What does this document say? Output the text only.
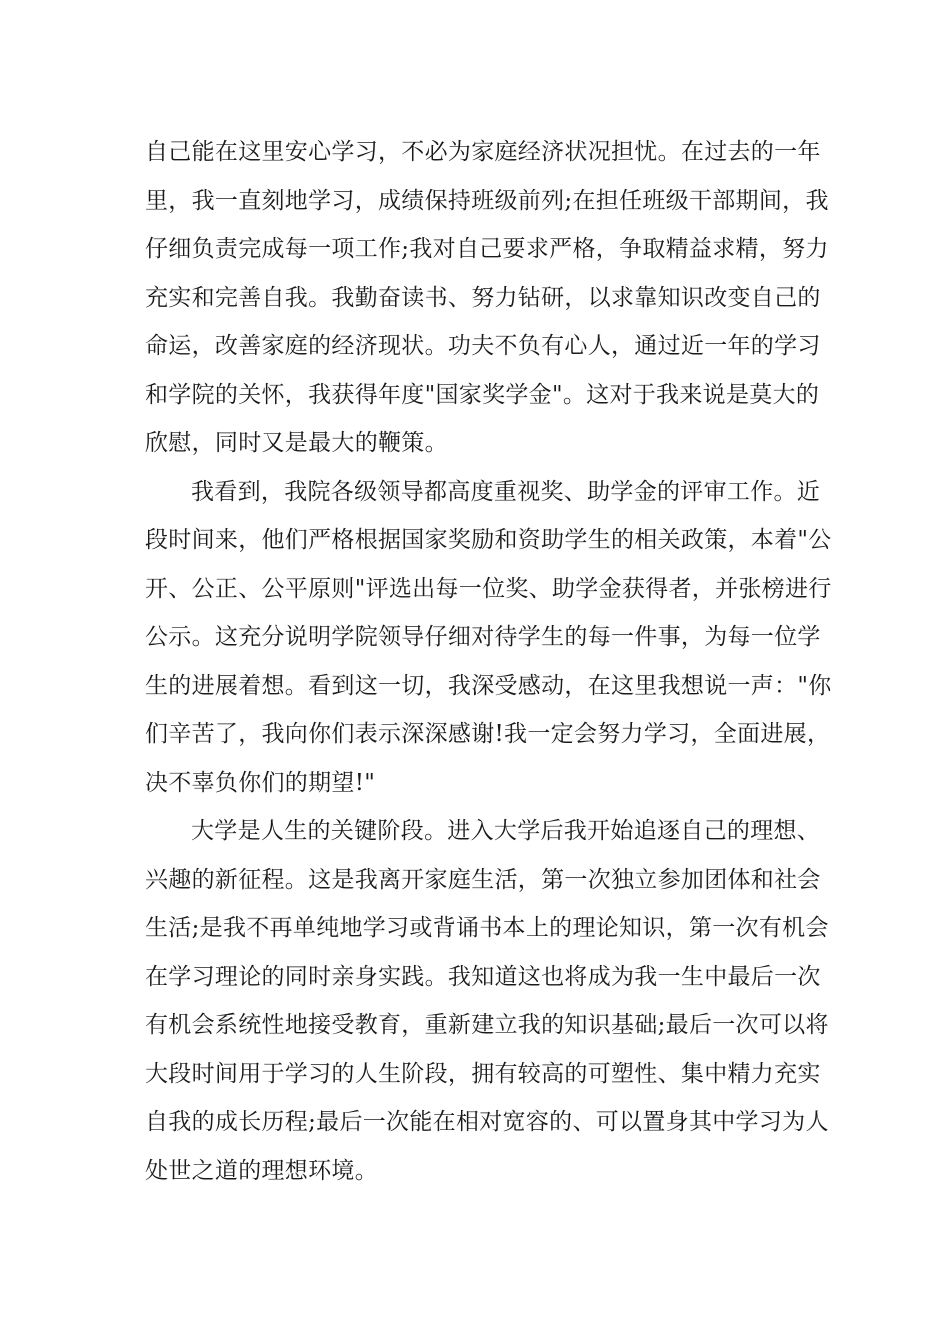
自己能在这里安心学习，不必为家庭经济状况担忧。在过去的一年
里，我一直刻地学习，成绩保持班级前列;在担任班级干部期间，我
仔细负责完成每一项工作;我对自己要求严格，争取精益求精，努力
充实和完善自我。我勤奋读书、努力钻研，以求靠知识改变自己的
命运，改善家庭的经济现状。功夫不负有心人，通过近一年的学习
和学院的关怀，我获得年度"国家奖学金"。这对于我来说是莫大的
欣慰，同时又是最大的鞭策。
我看到，我院各级领导都高度重视奖、助学金的评审工作。近
段时间来，他们严格根据国家奖励和资助学生的相关政策，本着"公
开、公正、公平原则"评选出每一位奖、助学金获得者，并张榜进行
公示。这充分说明学院领导仔细对待学生的每一件事，为每一位学
生的进展着想。看到这一切，我深受感动，在这里我想说一声："你
们辛苦了，我向你们表示深深感谢!我一定会努力学习，全面进展，
决不辜负你们的期望!"
大学是人生的关键阶段。进入大学后我开始追逐自己的理想、
兴趣的新征程。这是我离开家庭生活，第一次独立参加团体和社会
生活;是我不再单纯地学习或背诵书本上的理论知识，第一次有机会
在学习理论的同时亲身实践。我知道这也将成为我一生中最后一次
有机会系统性地接受教育，重新建立我的知识基础;最后一次可以将
大段时间用于学习的人生阶段，拥有较高的可塑性、集中精力充实
自我的成长历程;最后一次能在相对宽容的、可以置身其中学习为人
处世之道的理想环境。
